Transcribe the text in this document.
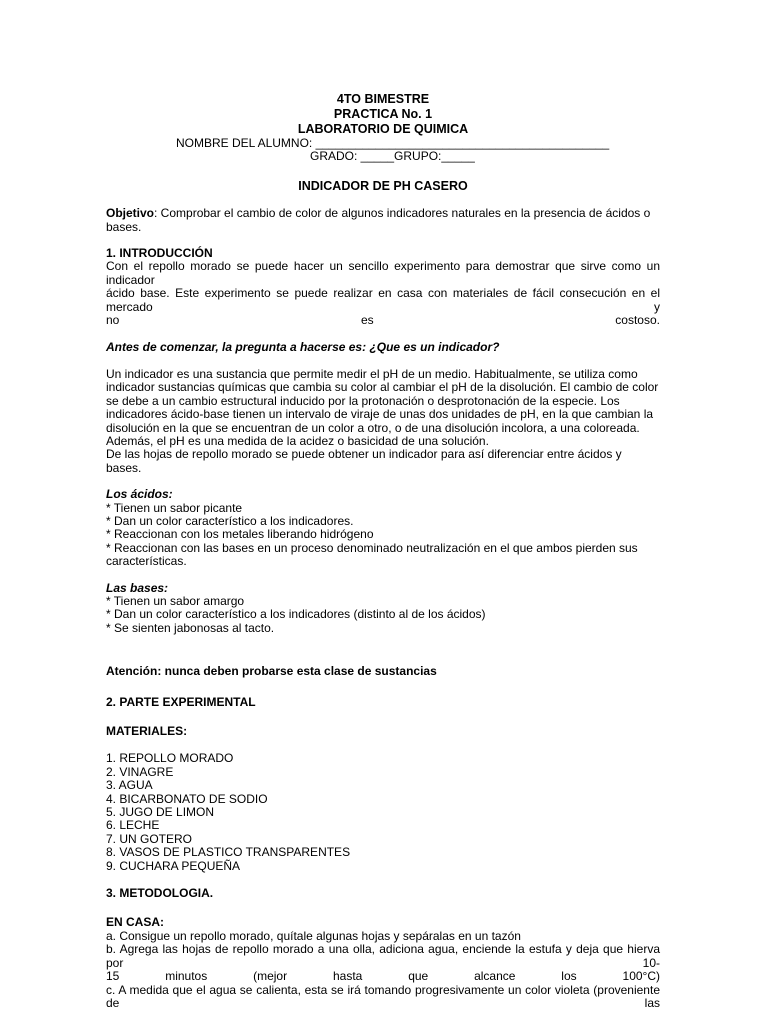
4TO BIMESTRE
PRACTICA No. 1
LABORATORIO DE QUIMICA
NOMBRE DEL ALUMNO: ____________________________________________
GRADO: _____GRUPO:_____
INDICADOR DE PH CASERO

Objetivo: Comprobar el cambio de color de algunos indicadores naturales en la presencia de ácidos o bases.

1. INTRODUCCIÓN
Con el repollo morado se puede hacer un sencillo experimento para demostrar que sirve como un indicador
ácido base. Este experimento se puede realizar en casa con materiales de fácil consecución en el mercado y
no es costoso.
Antes de comenzar, la pregunta a hacerse es: ¿Que es un indicador?

Un indicador es una sustancia que permite medir el pH de un medio. Habitualmente, se utiliza como indicador sustancias químicas que cambia su color al cambiar el pH de la disolución. El cambio de color se debe a un cambio estructural inducido por la protonación o desprotonación de la especie. Los indicadores ácido-base tienen un intervalo de viraje de unas dos unidades de pH, en la que cambian la disolución en la que se encuentran de un color a otro, o de una disolución incolora, a una coloreada. Además, el pH es una medida de la acidez o basicidad de una solución.

De las hojas de repollo morado se puede obtener un indicador para así diferenciar entre ácidos y bases.

Los ácidos:
* Tienen un sabor picante
* Dan un color característico a los indicadores.
* Reaccionan con los metales liberando hidrógeno
* Reaccionan con las bases en un proceso denominado neutralización en el que ambos pierden sus características.
Las bases:
* Tienen un sabor amargo
* Dan un color característico a los indicadores (distinto al de los ácidos)
* Se sienten jabonosas al tacto.
Atención: nunca deben probarse esta clase de sustancias
2. PARTE EXPERIMENTAL
MATERIALES:
1. REPOLLO MORADO
2. VINAGRE
3. AGUA
4. BICARBONATO DE SODIO
5. JUGO DE LIMON
6. LECHE
7. UN GOTERO
8. VASOS DE PLASTICO TRANSPARENTES
9. CUCHARA PEQUEÑA
3. METODOLOGIA.
EN CASA:
a. Consigue un repollo morado, quítale algunas hojas y sepáralas en un tazón
b. Agrega las hojas de repollo morado a una olla, adiciona agua, enciende la estufa y deja que hierva por 10-
15 minutos (mejor hasta que alcance los 100°C)
c. A medida que el agua se calienta, esta se irá tomando progresivamente un color violeta (proveniente de las
